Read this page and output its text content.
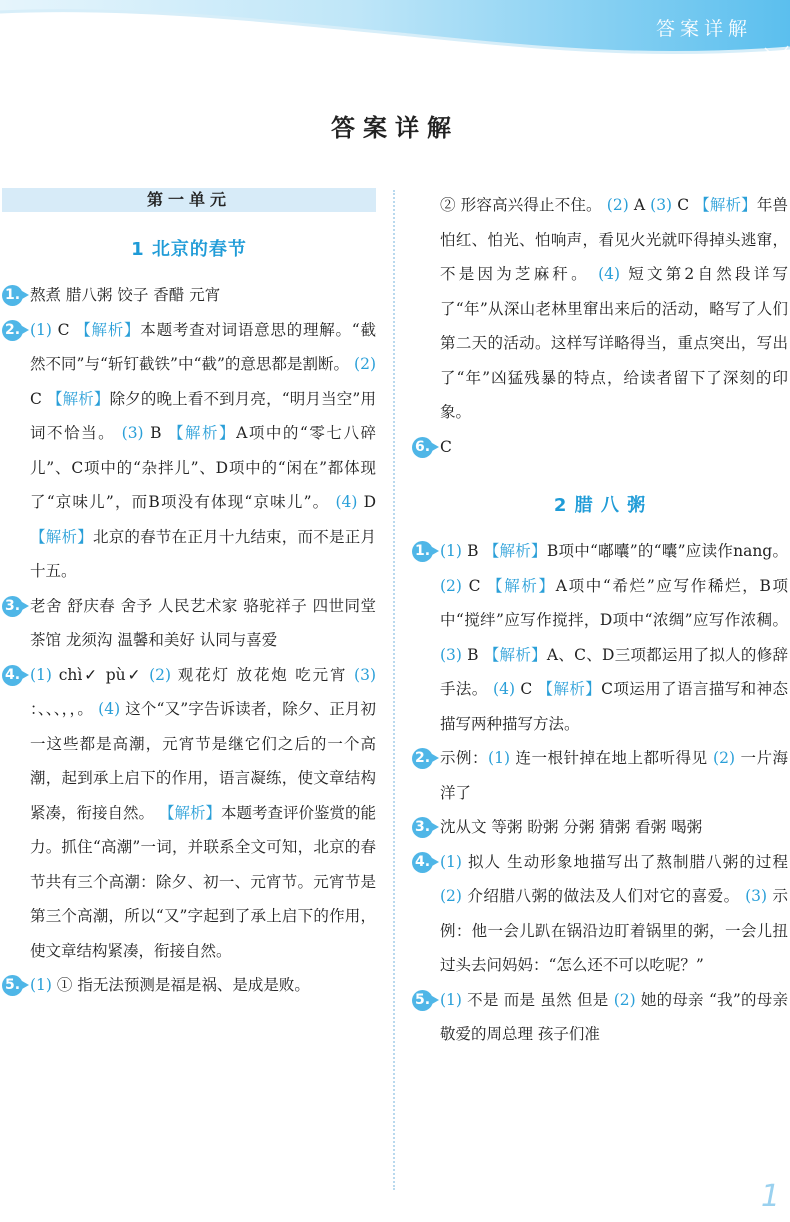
答案详解
答案详解
第一单元
1 北京的春节
1. 熬煮 腊八粥 饺子 香醋 元宵
2. (1) C 【解析】本题考查对词语意思的理解。“截然不同”与“斩钉截铁”中“截”的意思都是割断。 (2) C 【解析】除夕的晚上看不到月亮，“明月当空”用词不恰当。 (3) B 【解析】A项中的“零七八碎儿”、C项中的“杂拌儿”、D项中的“闲在”都体现了“京味儿”，而B项没有体现“京味儿”。 (4) D 【解析】北京的春节在正月十九结束，而不是正月十五。
3. 老舍 舒庆春 舍予 人民艺术家 骆驼祥子 四世同堂 茶馆 龙须沟 温馨和美好 认同与喜爱
4. (1) chì✓ pù✓ (2) 观花灯 放花炮 吃元宵 (3) ：、、、，，。 (4) 这个“又”字告诉读者，除夕、正月初一这些都是高潮，元宵节是继它们之后的一个高潮，起到承上启下的作用，语言凝练，使文章结构紧凑，衔接自然。 【解析】本题考查评价鉴赏的能力。抓住“高潮”一词，并联系全文可知，北京的春节共有三个高潮：除夕、初一、元宵节。元宵节是第三个高潮，所以“又”字起到了承上启下的作用，使文章结构紧凑，衔接自然。
5. (1) ① 指无法预测是福是祸、是成是败。
② 形容高兴得止不住。 (2) A (3) C 【解析】年兽怕红、怕光、怕响声，看见火光就吓得掉头逃窜，不是因为芝麻秆。 (4) 短文第2自然段详写了“年”从深山老林里窜出来后的活动，略写了人们第二天的活动。这样写详略得当，重点突出，写出了“年”凶猛残暴的特点，给读者留下了深刻的印象。
6. C
2 腊 八 粥
1. (1) B 【解析】B项中“嘟囔”的“囔”应读作nang。 (2) C 【解析】A项中“希烂”应写作稀烂，B项中“搅绊”应写作搅拌，D项中“浓绸”应写作浓稠。 (3) B 【解析】A、C、D三项都运用了拟人的修辞手法。 (4) C 【解析】C项运用了语言描写和神态描写两种描写方法。
2. 示例：(1) 连一根针掉在地上都听得见 (2) 一片海洋了
3. 沈从文 等粥 盼粥 分粥 猜粥 看粥 喝粥
4. (1) 拟人 生动形象地描写出了熬制腊八粥的过程 (2) 介绍腊八粥的做法及人们对它的喜爱。 (3) 示例：他一会儿趴在锅沿边盯着锅里的粥，一会儿扭过头去问妈妈：“怎么还不可以吃呢？”
5. (1) 不是 而是 虽然 但是 (2) 她的母亲 “我”的母亲 敬爱的周总理 孩子们准
1
